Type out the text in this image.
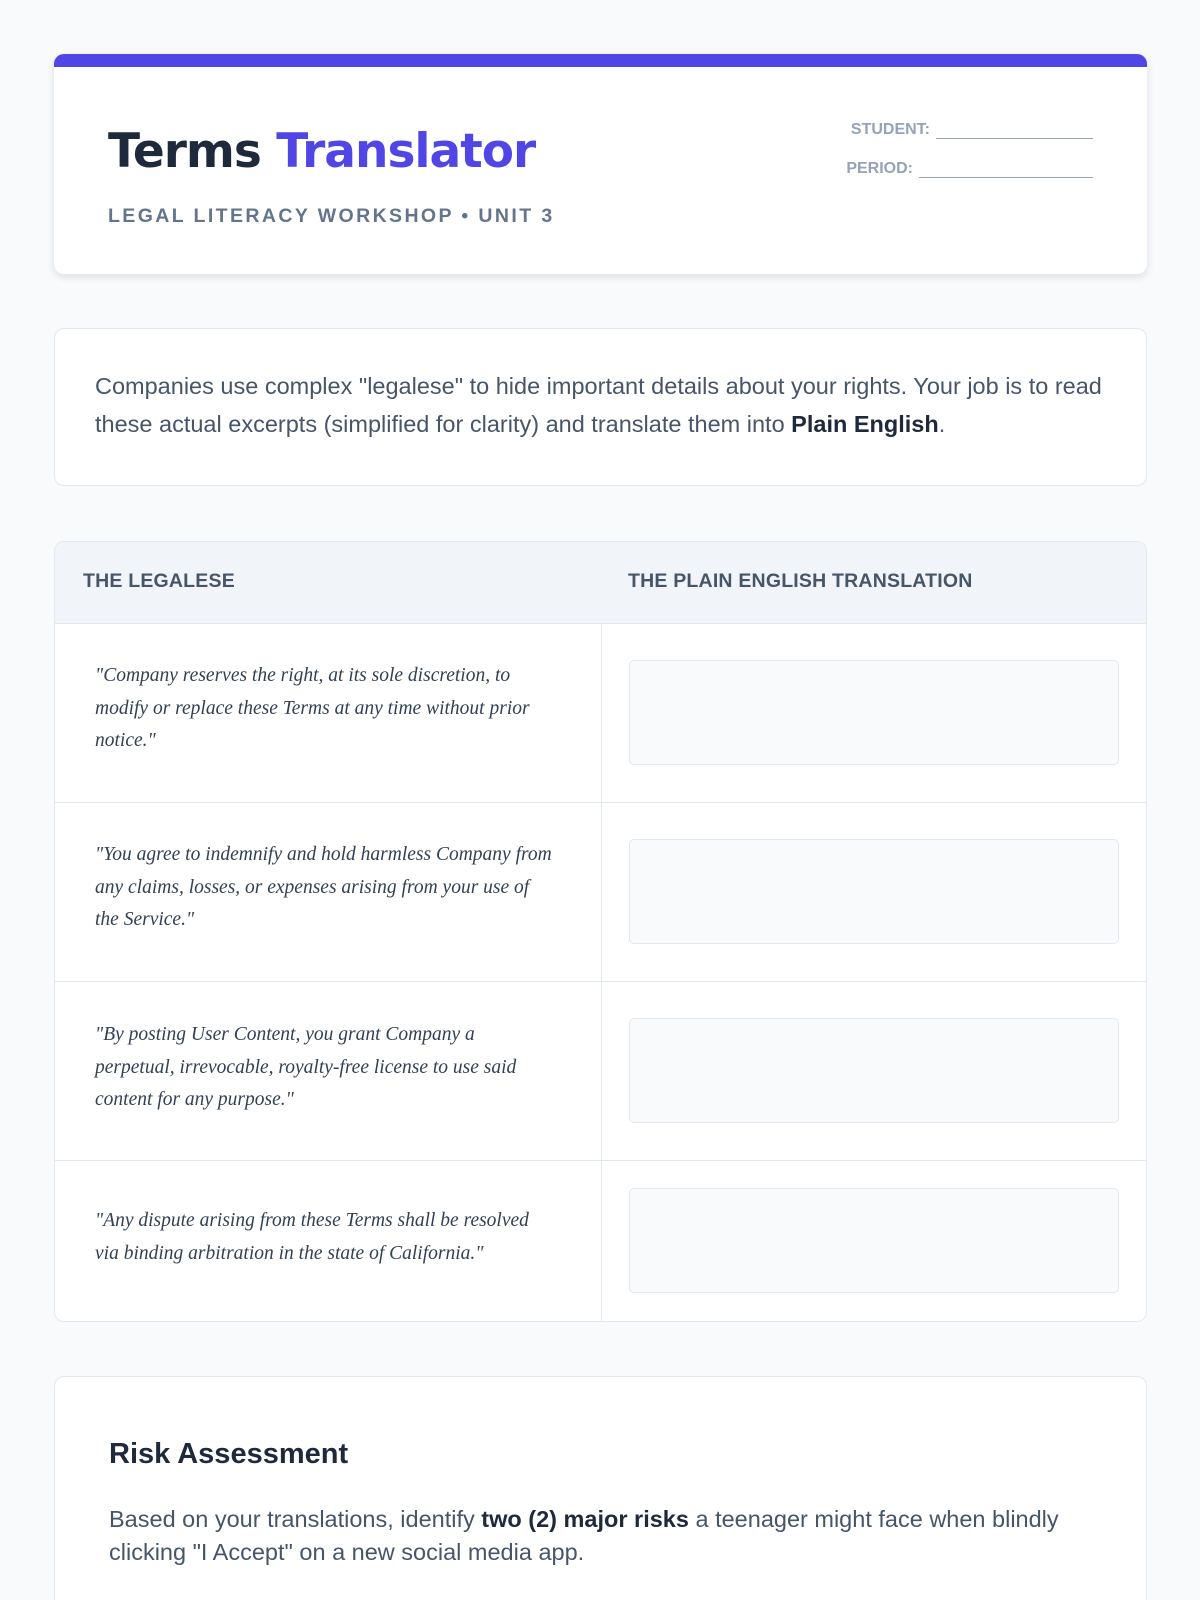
Terms Translator
LEGAL LITERACY WORKSHOP • UNIT 3
STUDENT:
PERIOD:

Companies use complex "legalese" to hide important details about your rights. Your job is to read these actual excerpts (simplified for clarity) and translate them into Plain English.

THE LEGALESE	THE PLAIN ENGLISH TRANSLATION
"Company reserves the right, at its sole discretion, to modify or replace these Terms at any time without prior notice."
"You agree to indemnify and hold harmless Company from any claims, losses, or expenses arising from your use of the Service."
"By posting User Content, you grant Company a perpetual, irrevocable, royalty-free license to use said content for any purpose."
"Any dispute arising from these Terms shall be resolved via binding arbitration in the state of California."
Risk Assessment

Based on your translations, identify two (2) major risks a teenager might face when blindly clicking "I Accept" on a new social media app.
